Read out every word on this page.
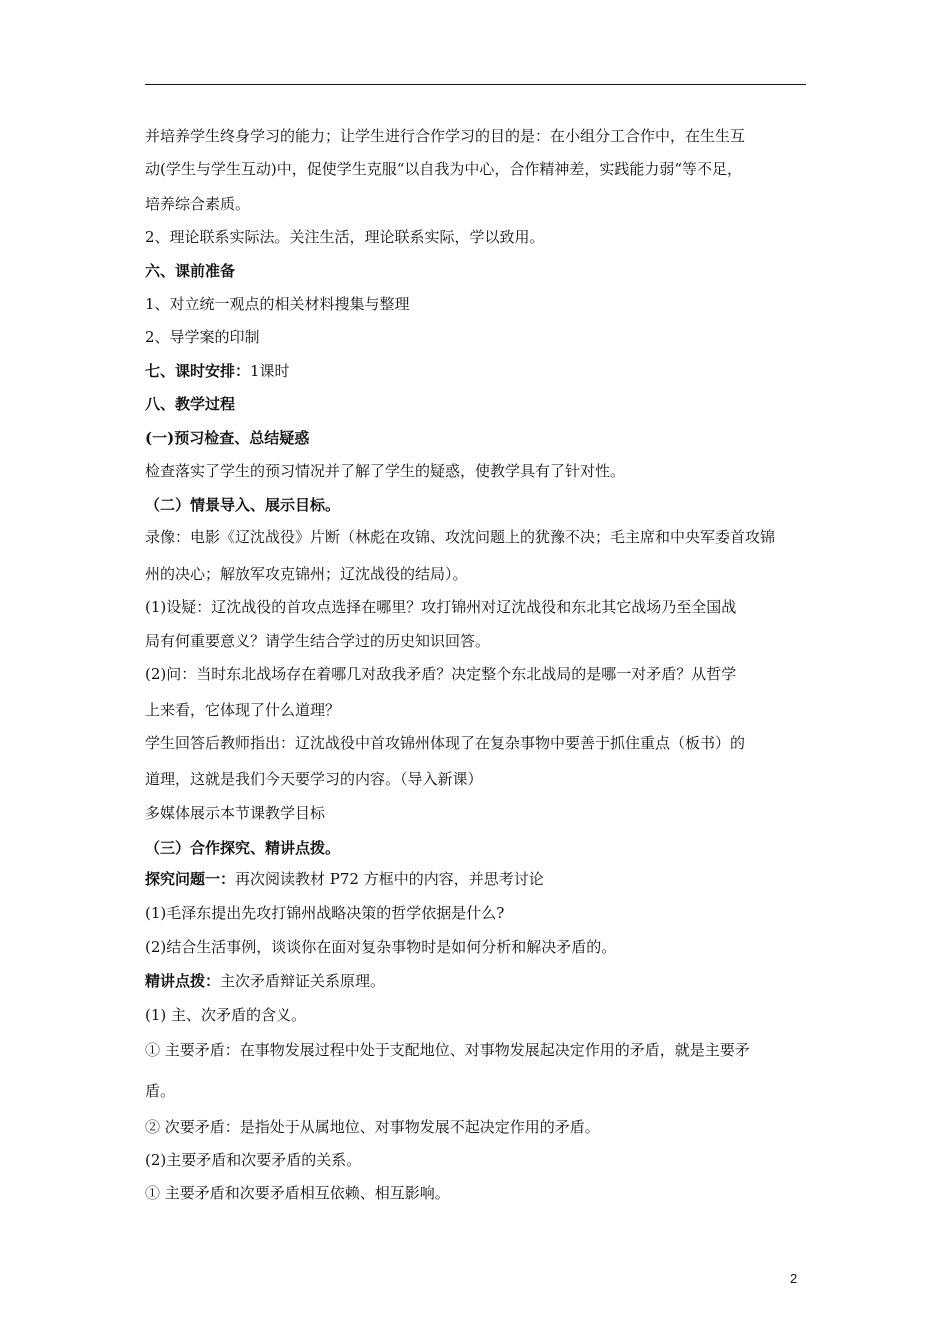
并培养学生终身学习的能力；让学生进行合作学习的目的是：在小组分工合作中，在生生互
动(学生与学生互动)中，促使学生克服“以自我为中心，合作精神差，实践能力弱“等不足，
培养综合素质。
2、理论联系实际法。关注生活，理论联系实际，学以致用。
六、课前准备
1、对立统一观点的相关材料搜集与整理
2、导学案的印制
七、课时安排：1课时
八、教学过程
(一)预习检查、总结疑惑
检查落实了学生的预习情况并了解了学生的疑惑，使教学具有了针对性。
（二）情景导入、展示目标。
录像：电影《辽沈战役》片断（林彪在攻锦、攻沈问题上的犹豫不决；毛主席和中央军委首攻锦
州的决心；解放军攻克锦州；辽沈战役的结局）。
(1)设疑：辽沈战役的首攻点选择在哪里？攻打锦州对辽沈战役和东北其它战场乃至全国战
局有何重要意义？请学生结合学过的历史知识回答。
(2)问：当时东北战场存在着哪几对敌我矛盾？决定整个东北战局的是哪一对矛盾？从哲学
上来看，它体现了什么道理？
学生回答后教师指出：辽沈战役中首攻锦州体现了在复杂事物中要善于抓住重点（板书）的
道理，这就是我们今天要学习的内容。（导入新课）
多媒体展示本节课教学目标
（三）合作探究、精讲点拨。
探究问题一：再次阅读教材 P72 方框中的内容，并思考讨论
(1)毛泽东提出先攻打锦州战略决策的哲学依据是什么?
(2)结合生活事例，谈谈你在面对复杂事物时是如何分析和解决矛盾的。
精讲点拨：主次矛盾辩证关系原理。
(1) 主、次矛盾的含义。
① 主要矛盾：在事物发展过程中处于支配地位、对事物发展起决定作用的矛盾，就是主要矛
盾。
② 次要矛盾：是指处于从属地位、对事物发展不起决定作用的矛盾。
(2)主要矛盾和次要矛盾的关系。
① 主要矛盾和次要矛盾相互依赖、相互影响。
2
